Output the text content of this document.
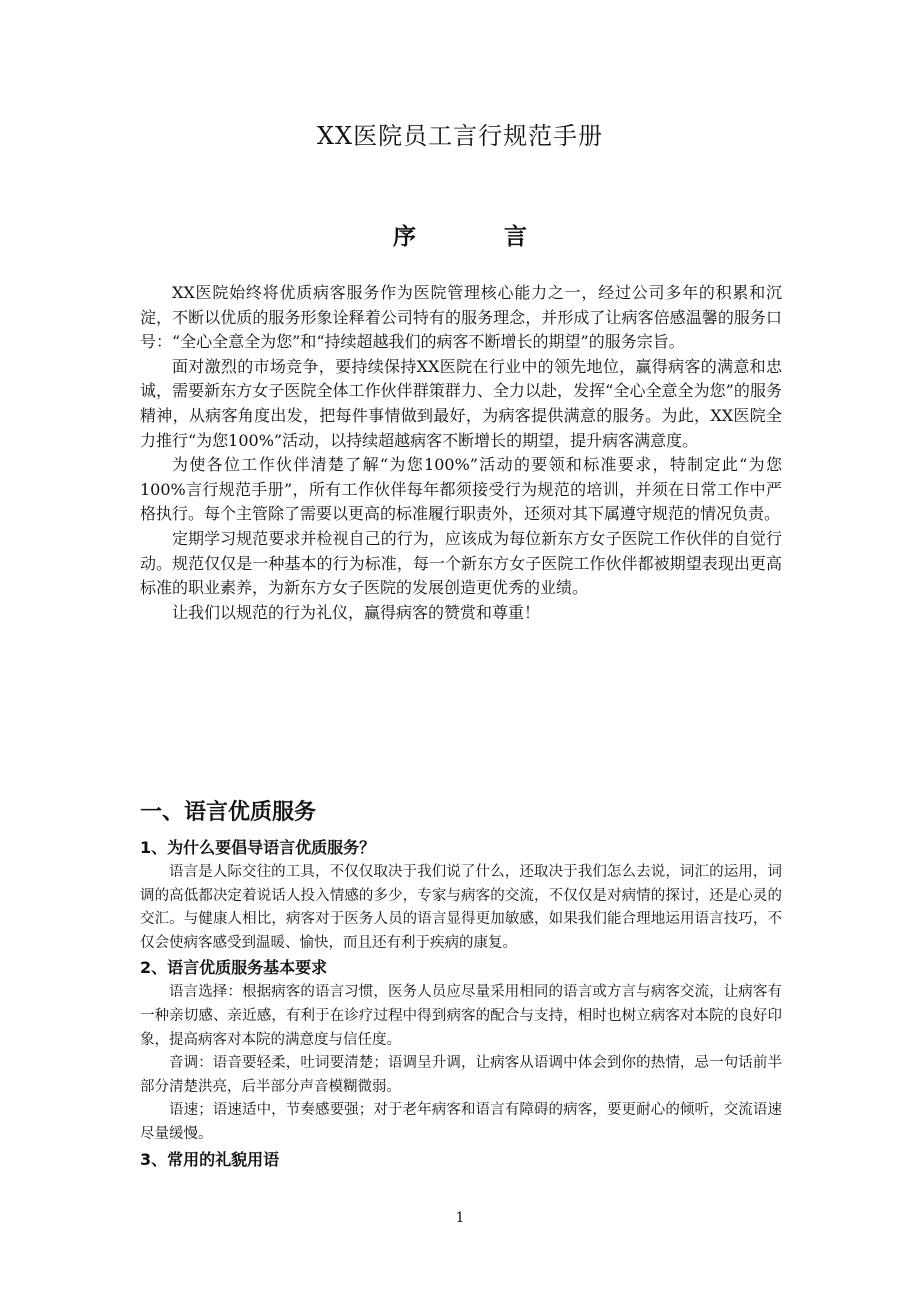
XX医院员工言行规范手册
序	言

XX医院始终将优质病客服务作为医院管理核心能力之一，经过公司多年的积累和沉淀，不断以优质的服务形象诠释着公司特有的服务理念，并形成了让病客倍感温馨的服务口号：“全心全意全为您”和“持续超越我们的病客不断增长的期望”的服务宗旨。

面对激烈的市场竞争，要持续保持XX医院在行业中的领先地位，赢得病客的满意和忠诚，需要新东方女子医院全体工作伙伴群策群力、全力以赴，发挥“全心全意全为您”的服务精神，从病客角度出发，把每件事情做到最好，为病客提供满意的服务。为此，XX医院全力推行“为您100%”活动，以持续超越病客不断增长的期望，提升病客满意度。

为使各位工作伙伴清楚了解“为您100%”活动的要领和标准要求，特制定此“为您100%言行规范手册”，所有工作伙伴每年都须接受行为规范的培训，并须在日常工作中严格执行。每个主管除了需要以更高的标准履行职责外，还须对其下属遵守规范的情况负责。

定期学习规范要求并检视自己的行为，应该成为每位新东方女子医院工作伙伴的自觉行动。规范仅仅是一种基本的行为标准，每一个新东方女子医院工作伙伴都被期望表现出更高标准的职业素养，为新东方女子医院的发展创造更优秀的业绩。

让我们以规范的行为礼仪，赢得病客的赞赏和尊重！

一、语言优质服务
1、为什么要倡导语言优质服务？

语言是人际交往的工具，不仅仅取决于我们说了什么，还取决于我们怎么去说，词汇的运用，词调的高低都决定着说话人投入情感的多少，专家与病客的交流，不仅仅是对病情的探讨，还是心灵的交汇。与健康人相比，病客对于医务人员的语言显得更加敏感，如果我们能合理地运用语言技巧，不仅会使病客感受到温暖、愉快，而且还有利于疾病的康复。

2、语言优质服务基本要求

语言选择：根据病客的语言习惯，医务人员应尽量采用相同的语言或方言与病客交流，让病客有一种亲切感、亲近感，有利于在诊疗过程中得到病客的配合与支持，相时也树立病客对本院的良好印象，提高病客对本院的满意度与信任度。

音调：语音要轻柔，吐词要清楚；语调呈升调，让病客从语调中体会到你的热情，忌一句话前半部分清楚洪亮，后半部分声音模糊微弱。

语速；语速适中，节奏感要强；对于老年病客和语言有障碍的病客，要更耐心的倾听，交流语速尽量缓慢。

3、常用的礼貌用语
1
